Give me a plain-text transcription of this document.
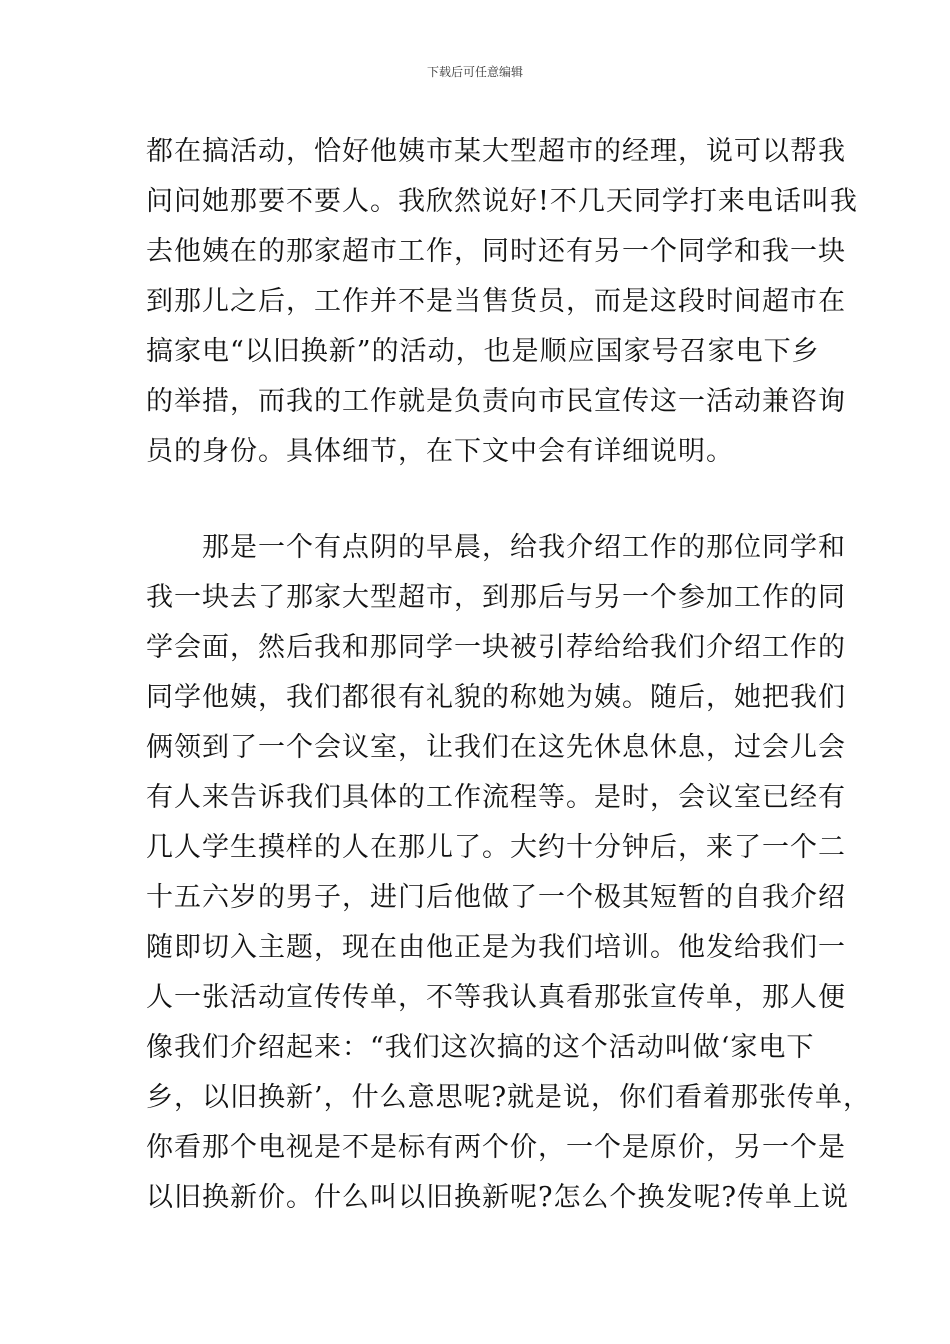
下载后可任意编辑
都在搞活动，恰好他姨市某大型超市的经理，说可以帮我
问问她那要不要人。我欣然说好!不几天同学打来电话叫我
去他姨在的那家超市工作，同时还有另一个同学和我一块
到那儿之后，工作并不是当售货员，而是这段时间超市在
搞家电“以旧换新”的活动，也是顺应国家号召家电下乡
的举措，而我的工作就是负责向市民宣传这一活动兼咨询
员的身份。具体细节，在下文中会有详细说明。
　　那是一个有点阴的早晨，给我介绍工作的那位同学和
我一块去了那家大型超市，到那后与另一个参加工作的同
学会面，然后我和那同学一块被引荐给给我们介绍工作的
同学他姨，我们都很有礼貌的称她为姨。随后，她把我们
俩领到了一个会议室，让我们在这先休息休息，过会儿会
有人来告诉我们具体的工作流程等。是时，会议室已经有
几人学生摸样的人在那儿了。大约十分钟后，来了一个二
十五六岁的男子，进门后他做了一个极其短暂的自我介绍
随即切入主题，现在由他正是为我们培训。他发给我们一
人一张活动宣传传单，不等我认真看那张宣传单，那人便
像我们介绍起来：“我们这次搞的这个活动叫做‘家电下
乡，以旧换新’，什么意思呢?就是说，你们看着那张传单，
你看那个电视是不是标有两个价，一个是原价，另一个是
以旧换新价。什么叫以旧换新呢?怎么个换发呢?传单上说
